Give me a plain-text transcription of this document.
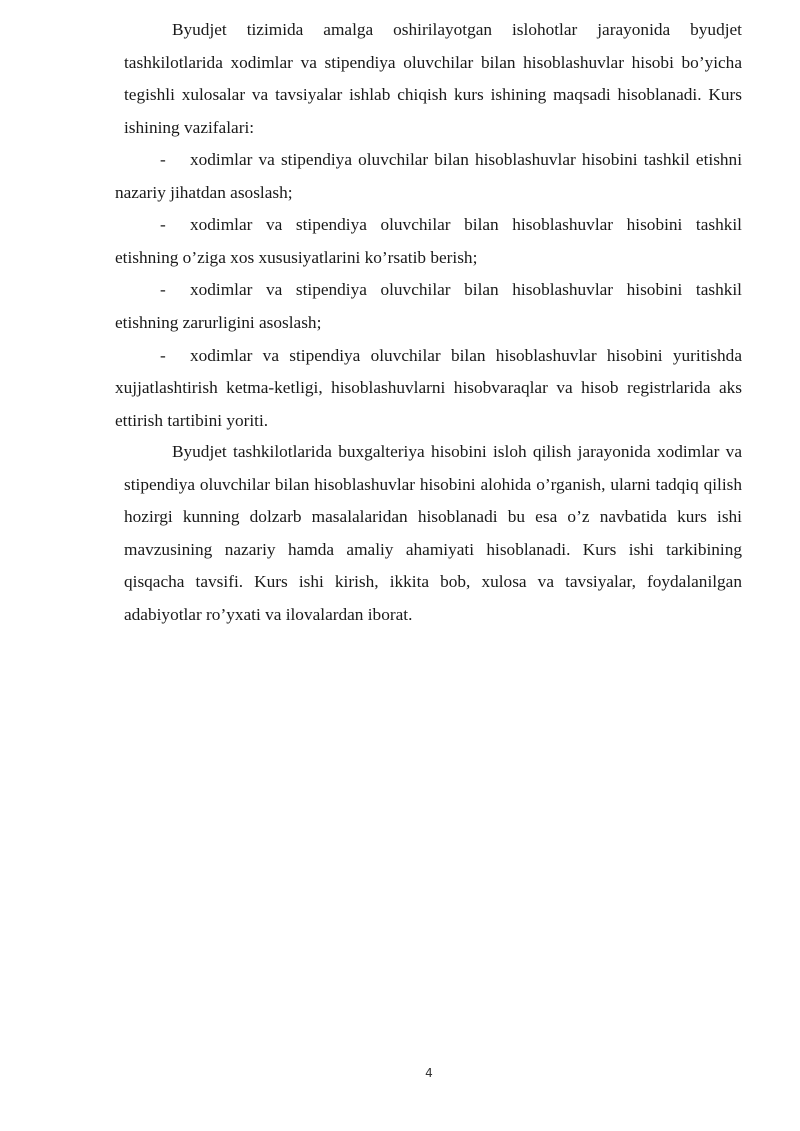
Byudjet tizimida amalga oshirilayotgan islohotlar jarayonida byudjet tashkilotlarida xodimlar va stipendiya oluvchilar bilan hisoblashuvlar hisobi bo’yicha tegishli xulosalar va tavsiyalar ishlab chiqish kurs ishining maqsadi hisoblanadi. Kurs ishining vazifalari:

- xodimlar va stipendiya oluvchilar bilan hisoblashuvlar hisobini tashkil etishni nazariy jihatdan asoslash;
- xodimlar va stipendiya oluvchilar bilan hisoblashuvlar hisobini tashkil etishning o’ziga xos xususiyatlarini ko’rsatib berish;
- xodimlar va stipendiya oluvchilar bilan hisoblashuvlar hisobini tashkil etishning zarurligini asoslash;
- xodimlar va stipendiya oluvchilar bilan hisoblashuvlar hisobini yuritishda xujjatlashtirish ketma-ketligi, hisoblashuvlarni hisobvaraqlar va hisob registrlarida aks ettirish tartibini yoriti.

Byudjet tashkilotlarida buxgalteriya hisobini isloh qilish jarayonida xodimlar va stipendiya oluvchilar bilan hisoblashuvlar hisobini alohida o’rganish, ularni tadqiq qilish hozirgi kunning dolzarb masalalaridan hisoblanadi bu esa o’z navbatida kurs ishi mavzusining nazariy hamda amaliy ahamiyati hisoblanadi. Kurs ishi tarkibining qisqacha tavsifi. Kurs ishi kirish, ikkita bob, xulosa va tavsiyalar, foydalanilgan adabiyotlar ro’yxati va ilovalardan iborat.

4
